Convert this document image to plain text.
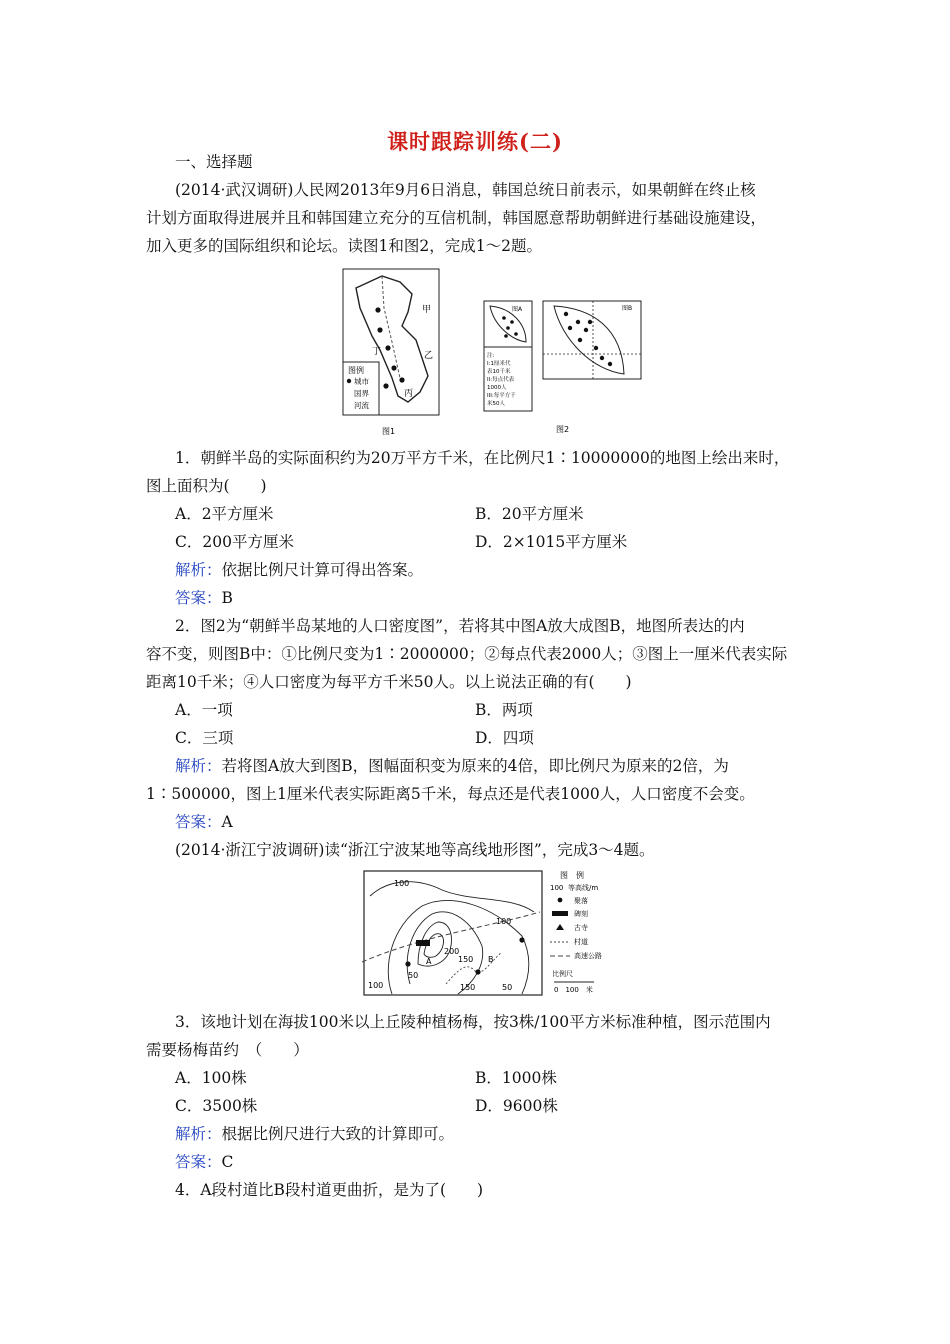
课时跟踪训练(二)
一、选择题
(2014·武汉调研)人民网2013年9月6日消息，韩国总统日前表示，如果朝鲜在终止核
计划方面取得进展并且和韩国建立充分的互信机制，韩国愿意帮助朝鲜进行基础设施建设，
加入更多的国际组织和论坛。读图1和图2，完成1～2题。
图例
城市
国界
河流
甲
乙
丙
丁
图1
图A
注:
I:1厘米代
表10千米
II:每点代表
1000人
III:每平方千
米50人
图B
图2
1．朝鲜半岛的实际面积约为20万平方千米，在比例尺1∶10000000的地图上绘出来时，
图上面积为(　　)
A．2平方厘米	B．20平方厘米
C．200平方厘米	D．2×1015平方厘米
解析：依据比例尺计算可得出答案。
答案：B
2．图2为“朝鲜半岛某地的人口密度图”，若将其中图A放大成图B，地图所表达的内
容不变，则图B中：①比例尺变为1∶2000000；②每点代表2000人；③图上一厘米代表实际
距离10千米；④人口密度为每平方千米50人。以上说法正确的有(　　)
A．一项	B．两项
C．三项	D．四项
解析：若将图A放大到图B，图幅面积变为原来的4倍，即比例尺为原来的2倍，为
1∶500000，图上1厘米代表实际距离5千米，每点还是代表1000人，人口密度不会变。
答案：A
(2014·浙江宁波调研)读“浙江宁波某地等高线地形图”，完成3～4题。
100
200
150
100
150
50
50
100
A	B
图　例
100 等高线/m
聚落
碑刻
古寺
村道
高速公路
比例尺
0　100　米
3．该地计划在海拔100米以上丘陵种植杨梅，按3株/100平方米标准种植，图示范围内
需要杨梅苗约　（　　）
A．100株	B．1000株
C．3500株	D．9600株
解析：根据比例尺进行大致的计算即可。
答案：C
4．A段村道比B段村道更曲折，是为了(　　)
